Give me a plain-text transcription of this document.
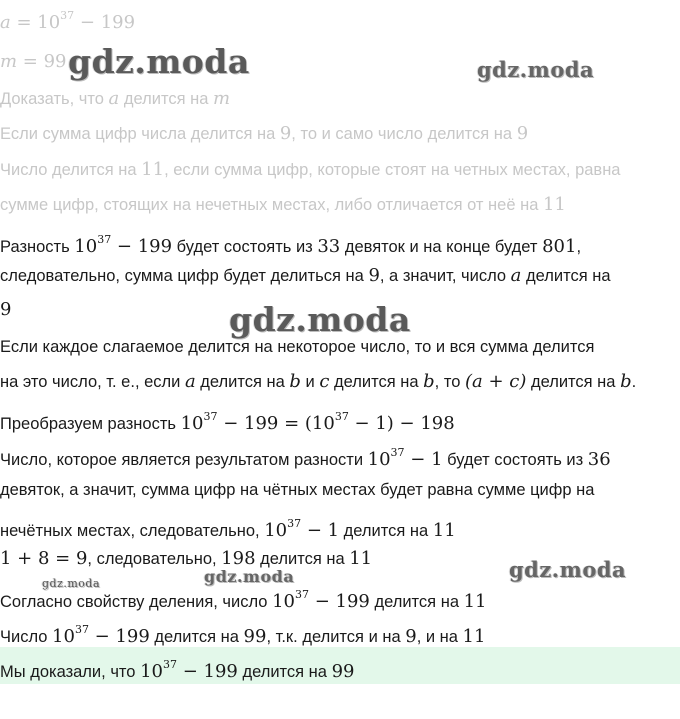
$a = 10^{37} - 199$
m = 99
Доказать, что a делится на m
Если сумма цифр числа делится на 9, то и само число делится на 9
Число делится на 11, если сумма цифр, которые стоят на четных местах, равна
сумме цифр, стоящих на нечетных местах, либо отличается от неё на 11
Разность $10^{37} - 199$ будет состоять из 33 девяток и на конце будет 801,
следовательно, сумма цифр будет делиться на 9, а значит, число a делится на
9
Если каждое слагаемое делится на некоторое число, то и вся сумма делится
на это число, т. е., если a делится на b и c делится на b, то (a + c) делится на b.
Преобразуем разность $10^{37} - 199 = (10^{37} - 1) - 198$
Число, которое является результатом разности $10^{37} - 1$ будет состоять из 36
девяток, а значит, сумма цифр на чётных местах будет равна сумме цифр на
нечётных местах, следовательно, $10^{37} - 1$ делится на 11
1 + 8 = 9, следовательно, 198 делится на 11
Согласно свойству деления, число $10^{37} - 199$ делится на 11
Число $10^{37} - 199$ делится на 99, т.к. делится и на 9, и на 11
Мы доказали, что $10^{37} - 199$ делится на 99
gdz.moda	gdz.moda
gdz.moda
gdz.moda
gdz.moda	gdz.moda
